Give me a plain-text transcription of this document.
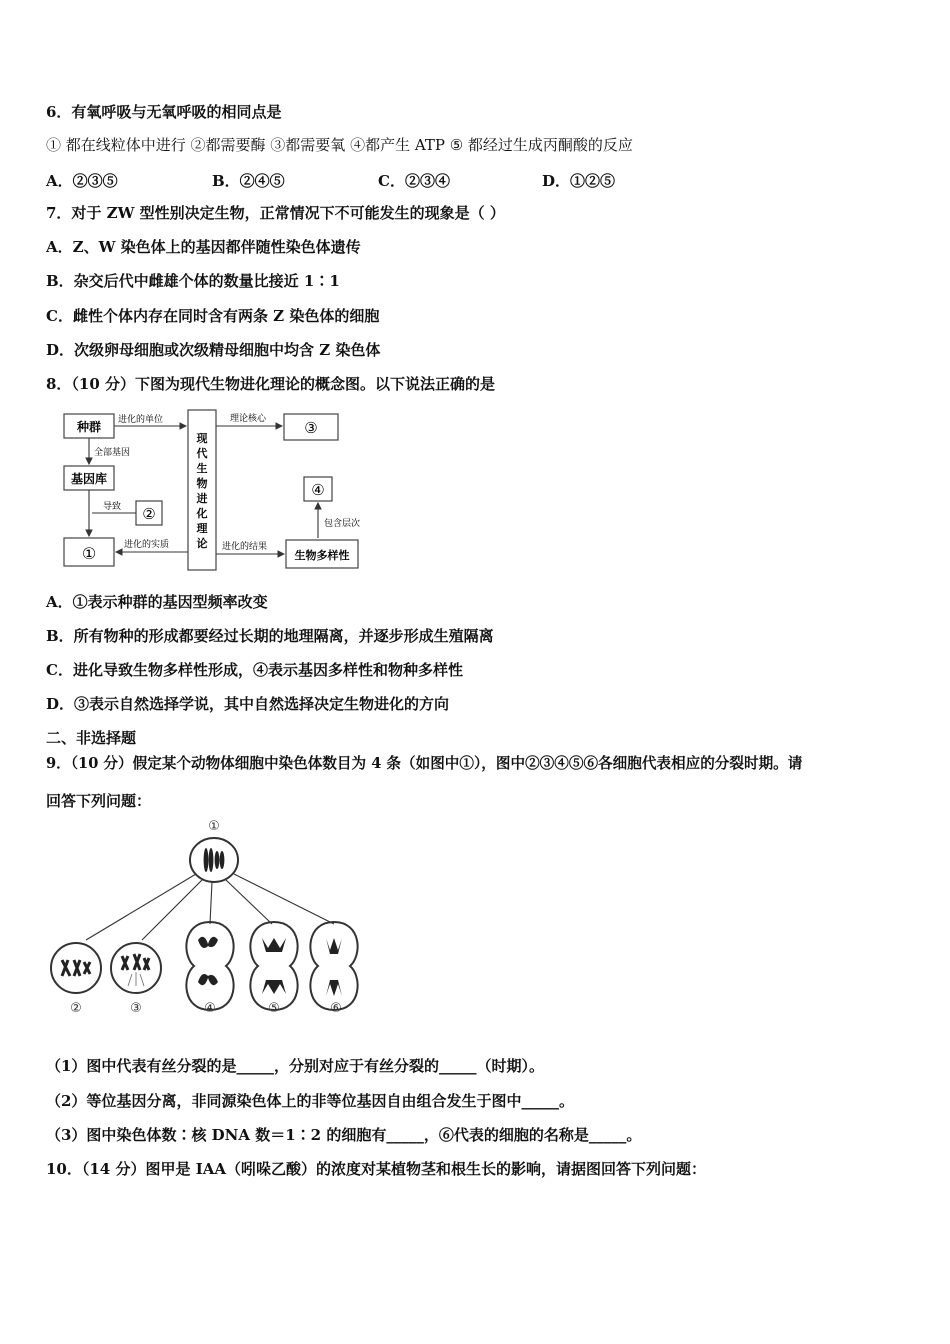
6．有氧呼吸与无氧呼吸的相同点是
① 都在线粒体中进行 ②都需要酶 ③都需要氧 ④都产生 ATP ⑤ 都经过生成丙酮酸的反应
A．②③⑤	B．②④⑤	C．②③④	D．①②⑤
7．对于 ZW 型性别决定生物，正常情况下不可能发生的现象是（ ）
A．Z、W 染色体上的基因都伴随性染色体遗传
B．杂交后代中雌雄个体的数量比接近 1∶1
C．雌性个体内存在同时含有两条 Z 染色体的细胞
D．次级卵母细胞或次级精母细胞中均含 Z 染色体
8．（10 分）下图为现代生物进化理论的概念图。以下说法正确的是
种群
基因库
①
②
③
④
生物多样性
现
代
生
物
进
化
理
论
进化的单位
全部基因
导致
进化的实质
理论核心
进化的结果
包含层次
A．①表示种群的基因型频率改变
B．所有物种的形成都要经过长期的地理隔离，并逐步形成生殖隔离
C．进化导致生物多样性形成，④表示基因多样性和物种多样性
D．③表示自然选择学说，其中自然选择决定生物进化的方向
二、非选择题
9．（10 分）假定某个动物体细胞中染色体数目为 4 条（如图中①），图中②③④⑤⑥各细胞代表相应的分裂时期。请
回答下列问题：
①
②	③	④	⑤	⑥
（1）图中代表有丝分裂的是_____，分别对应于有丝分裂的_____（时期）。
（2）等位基因分离，非同源染色体上的非等位基因自由组合发生于图中_____。
（3）图中染色体数∶核 DNA 数＝1∶2 的细胞有_____，⑥代表的细胞的名称是_____。
10．（14 分）图甲是 IAA（吲哚乙酸）的浓度对某植物茎和根生长的影响，请据图回答下列问题：
